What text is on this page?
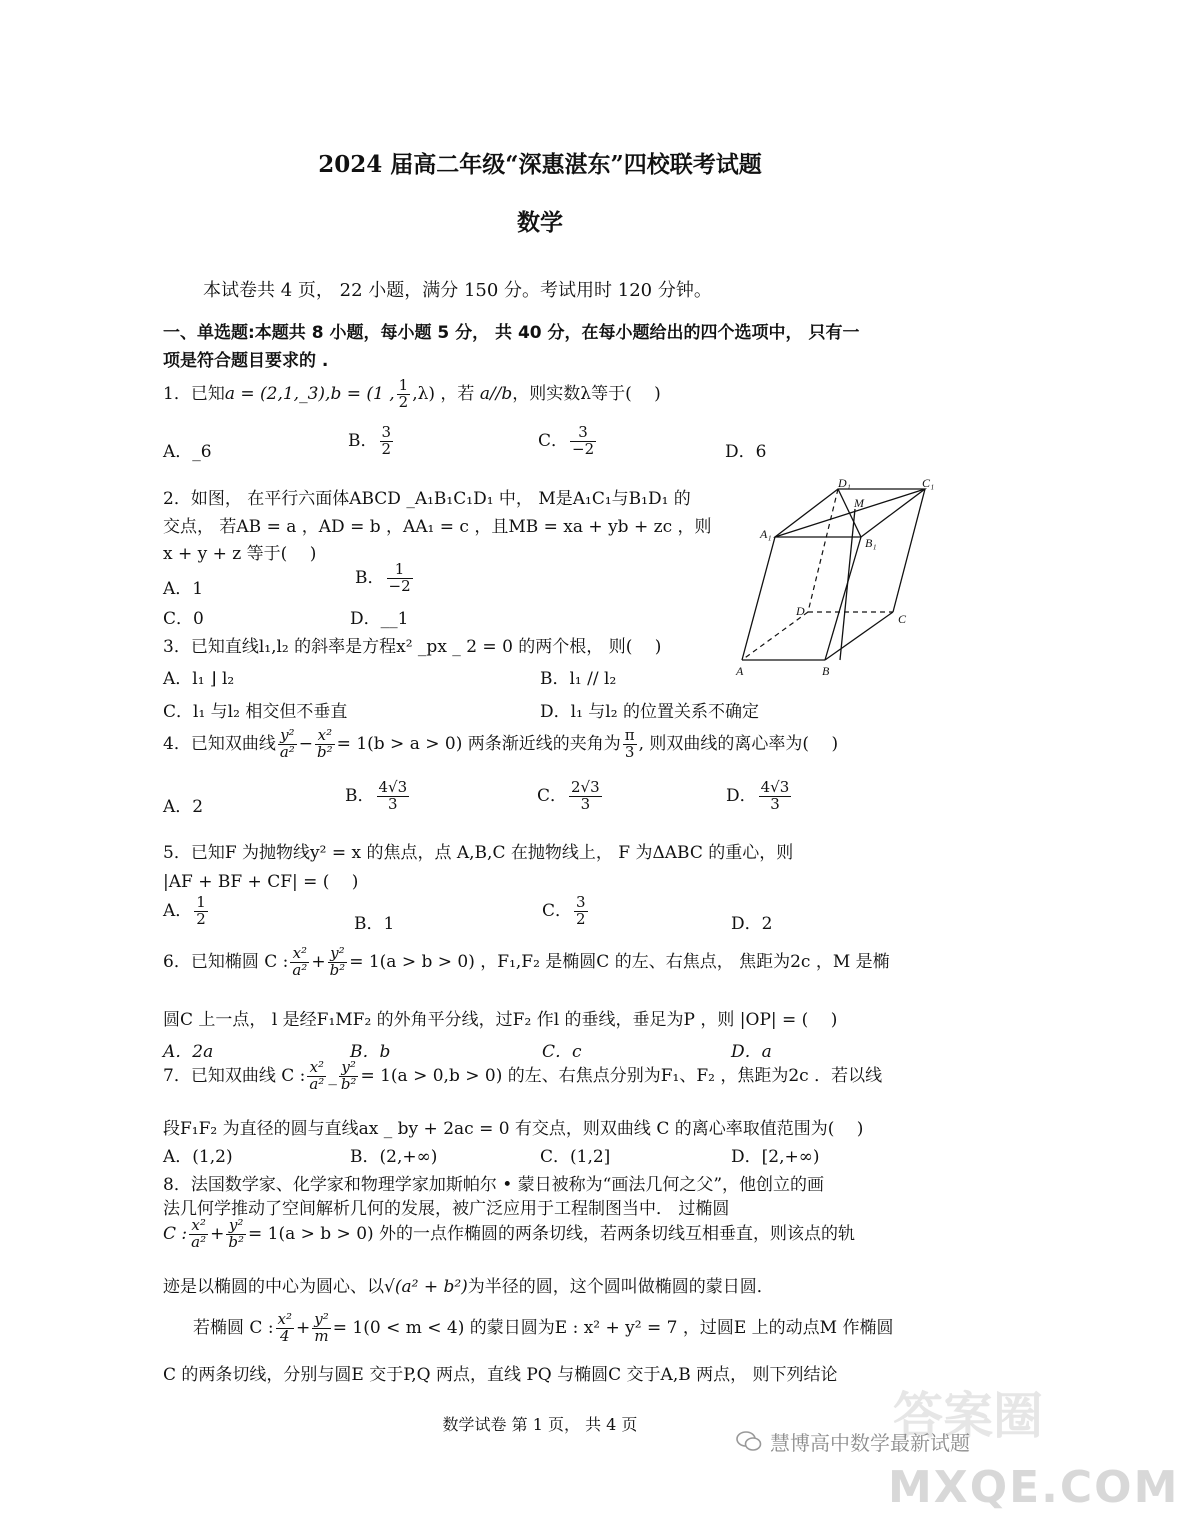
2024 届高二年级“深惠湛东”四校联考试题
数学
本试卷共 4 页， 22 小题，满分 150 分。考试用时 120 分钟。
一、单选题:本题共 8 小题，每小题 5 分， 共 40 分，在每小题给出的四个选项中， 只有一
项是符合题目要求的 .
1．已知a = (2,1,_3),b = (1 , $\frac{1}{2} ,\lambda$) ，若 a//b，则实数λ等于(　 )
A．_6
B． $\frac{3}{2}$	C． $\frac{3}{-2}$	D．6
2．如图， 在平行六面体ABCD _A₁B₁C₁D₁ 中， M是A₁C₁与B₁D₁ 的
交点， 若AB = a ，AD = b ，AA₁ = c ，且MB = xa + yb + zc ，则
x + y + z 等于(　 )
A．1
B． $\frac{1}{-2}$
C．0	D．__1
D₁	C₁
M
A₁
B₁
D
C
A	B
3．已知直线l₁,l₂ 的斜率是方程x² _px _ 2 = 0 的两个根， 则(　 )
A．l₁ ⌋ l₂	B．l₁ // l₂
C．l₁ 与l₂ 相交但不垂直	D．l₁ 与l₂ 的位置关系不确定
4．已知双曲线 $\frac{\text{y²}}{\text{a²}} - \frac{\text{x²}}{\text{b²}} = 1(b > a > 0)$ 两条渐近线的夹角为 $\frac{\pi}{3}$ , 则双曲线的离心率为(　 )
A．2
B． $\frac{4√3}{3}$	C． $\frac{2√3}{3}$	D． $\frac{4√3}{3}$
5．已知F 为抛物线y² = x 的焦点，点 A,B,C 在抛物线上， F 为ΔABC 的重心，则
|AF + BF + CF| = (　 )
A． $\frac{1}{2}$	B．1
C． $\frac{3}{2}$	D．2
6．已知椭圆 C : $\frac{\text{x²}}{\text{a²}} + \frac{\text{y²}}{\text{b²}} = 1(a > b > 0)$ ，F₁,F₂ 是椭圆C 的左、右焦点， 焦距为2c ，M 是椭
圆C 上一点， l 是经F₁MF₂ 的外角平分线，过F₂ 作l 的垂线，垂足为P ，则 |OP| = (　 )
A．2a	B．b	C．c	D．a
7．已知双曲线 C : $\frac{\text{x²}}{\text{a²}}$ _ $\frac{\text{y²}}{\text{b²}} = 1(a > 0,b > 0)$ 的左、右焦点分别为F₁、F₂ ，焦距为2c ．若以线
段F₁F₂ 为直径的圆与直线ax _ by + 2ac = 0 有交点，则双曲线 C 的离心率取值范围为(　 )
A．(1,2)	B．(2,+∞)	C．(1,2]	D．[2,+∞)
8．法国数学家、化学家和物理学家加斯帕尔 • 蒙日被称为“画法几何之父”，他创立的画
法几何学推动了空间解析几何的发展，被广泛应用于工程制图当中． 过椭圆
C : $\frac{\text{x²}}{\text{a²}} + \frac{\text{y²}}{\text{b²}} = 1(a > b > 0)$ 外的一点作椭圆的两条切线，若两条切线互相垂直，则该点的轨
迹是以椭圆的中心为圆心、以√(a² + b²)为半径的圆，这个圆叫做椭圆的蒙日圆．
若椭圆 C : $\frac{\text{x²}}{4} + \frac{\text{y²}}{m} = 1(0 < m < 4)$ 的蒙日圆为E : x² + y² = 7 ，过圆E 上的动点M 作椭圆
C 的两条切线，分别与圆E 交于P,Q 两点，直线 PQ 与椭圆C 交于A,B 两点， 则下列结论
数学试卷 第 1 页， 共 4 页	答案圈
慧博高中数学最新试题
MXQE.COM
